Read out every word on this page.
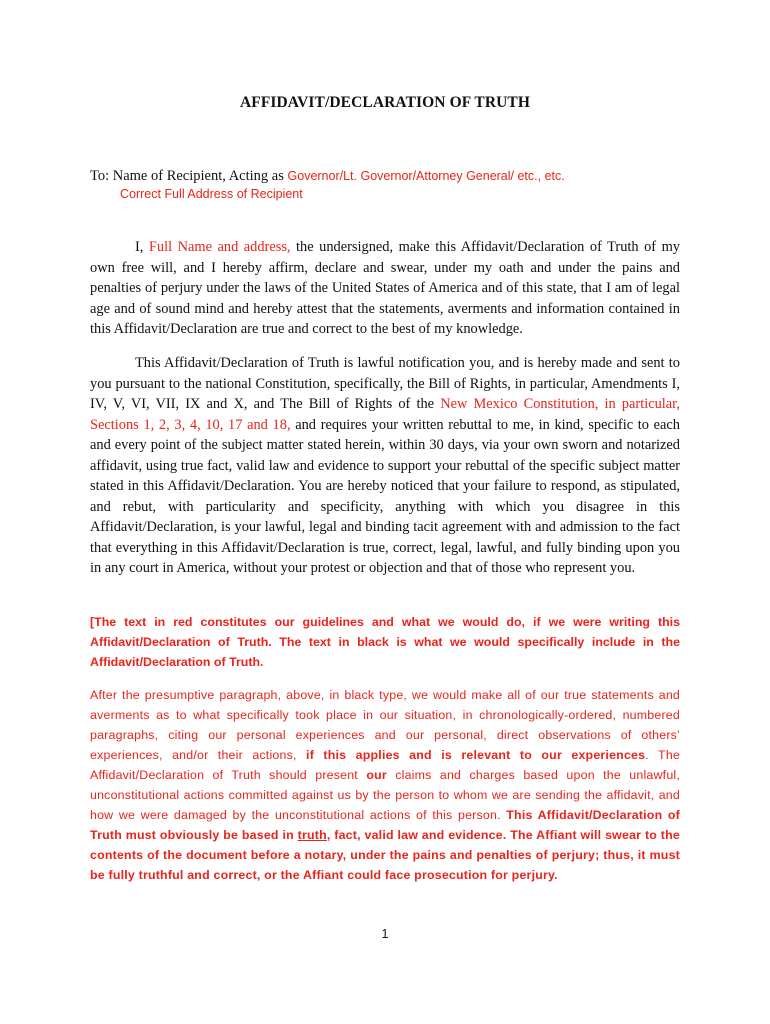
AFFIDAVIT/DECLARATION OF TRUTH
To: Name of Recipient, Acting as Governor/Lt. Governor/Attorney General/ etc., etc.
Correct Full Address of Recipient
I, Full Name and address, the undersigned, make this Affidavit/Declaration of Truth of my own free will, and I hereby affirm, declare and swear, under my oath and under the pains and penalties of perjury under the laws of the United States of America and of this state, that I am of legal age and of sound mind and hereby attest that the statements, averments and information contained in this Affidavit/Declaration are true and correct to the best of my knowledge.
This Affidavit/Declaration of Truth is lawful notification you, and is hereby made and sent to you pursuant to the national Constitution, specifically, the Bill of Rights, in particular, Amendments I, IV, V, VI, VII, IX and X, and The Bill of Rights of the New Mexico Constitution, in particular, Sections 1, 2, 3, 4, 10, 17 and 18, and requires your written rebuttal to me, in kind, specific to each and every point of the subject matter stated herein, within 30 days, via your own sworn and notarized affidavit, using true fact, valid law and evidence to support your rebuttal of the specific subject matter stated in this Affidavit/Declaration. You are hereby noticed that your failure to respond, as stipulated, and rebut, with particularity and specificity, anything with which you disagree in this Affidavit/Declaration, is your lawful, legal and binding tacit agreement with and admission to the fact that everything in this Affidavit/Declaration is true, correct, legal, lawful, and fully binding upon you in any court in America, without your protest or objection and that of those who represent you.
[The text in red constitutes our guidelines and what we would do, if we were writing this Affidavit/Declaration of Truth. The text in black is what we would specifically include in the Affidavit/Declaration of Truth.
After the presumptive paragraph, above, in black type, we would make all of our true statements and averments as to what specifically took place in our situation, in chronologically-ordered, numbered paragraphs, citing our personal experiences and our personal, direct observations of others’ experiences, and/or their actions, if this applies and is relevant to our experiences. The Affidavit/Declaration of Truth should present our claims and charges based upon the unlawful, unconstitutional actions committed against us by the person to whom we are sending the affidavit, and how we were damaged by the unconstitutional actions of this person. This Affidavit/Declaration of Truth must obviously be based in truth, fact, valid law and evidence. The Affiant will swear to the contents of the document before a notary, under the pains and penalties of perjury; thus, it must be fully truthful and correct, or the Affiant could face prosecution for perjury.
1
